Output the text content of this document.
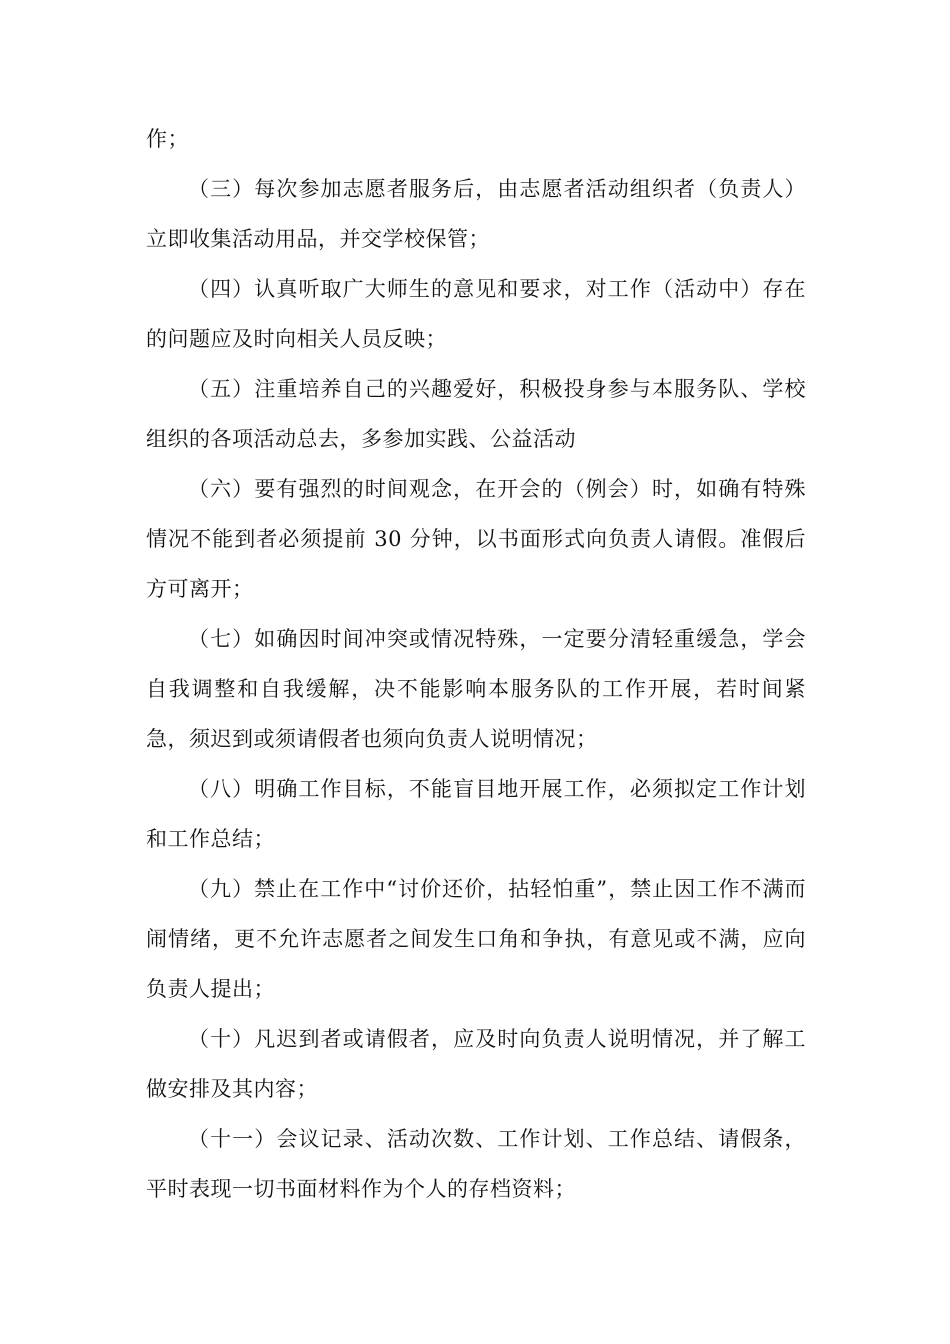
作；

（三）每次参加志愿者服务后，由志愿者活动组织者（负责人）立即收集活动用品，并交学校保管；

（四）认真听取广大师生的意见和要求，对工作（活动中）存在的问题应及时向相关人员反映；

（五）注重培养自己的兴趣爱好，积极投身参与本服务队、学校组织的各项活动总去，多参加实践、公益活动

（六）要有强烈的时间观念，在开会的（例会）时，如确有特殊情况不能到者必须提前 30 分钟，以书面形式向负责人请假。准假后方可离开；

（七）如确因时间冲突或情况特殊，一定要分清轻重缓急，学会自我调整和自我缓解，决不能影响本服务队的工作开展，若时间紧急，须迟到或须请假者也须向负责人说明情况；

（八）明确工作目标，不能盲目地开展工作，必须拟定工作计划和工作总结；

（九）禁止在工作中“讨价还价，拈轻怕重”，禁止因工作不满而闹情绪，更不允许志愿者之间发生口角和争执，有意见或不满，应向负责人提出；

（十）凡迟到者或请假者，应及时向负责人说明情况，并了解工做安排及其内容；

（十一）会议记录、活动次数、工作计划、工作总结、请假条，平时表现一切书面材料作为个人的存档资料；
